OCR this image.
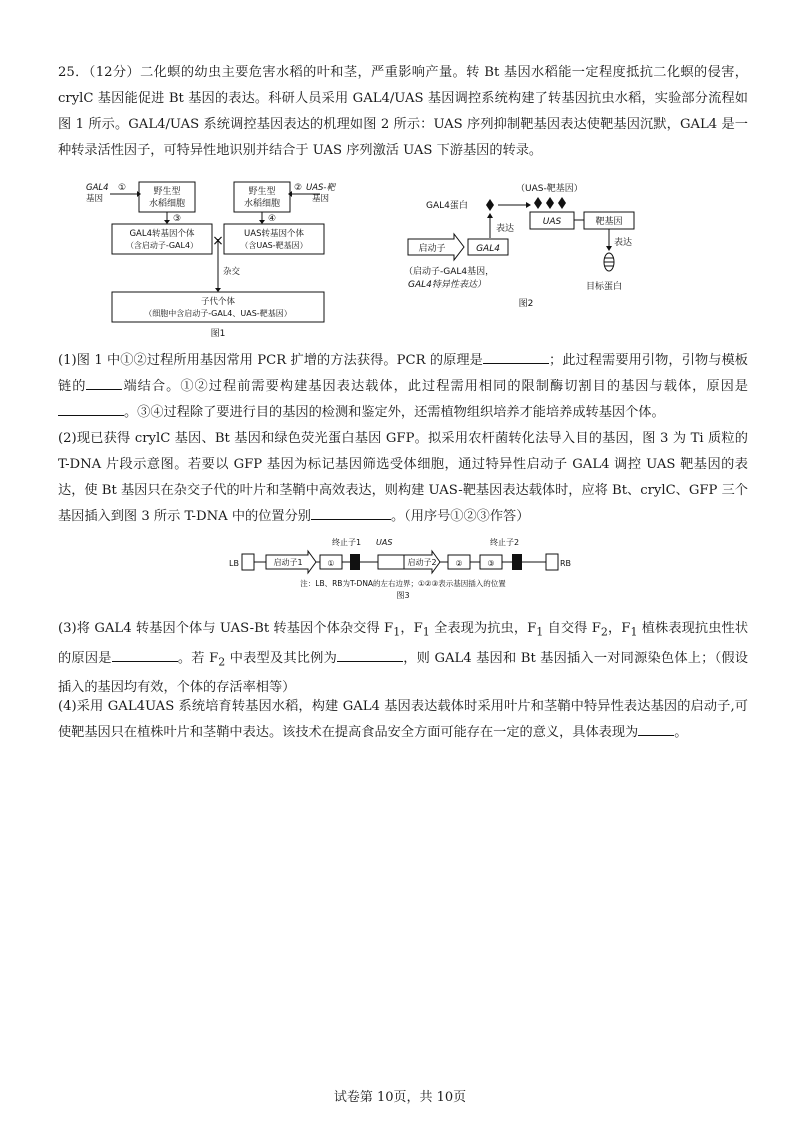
25．（12分）二化螟的幼虫主要危害水稻的叶和茎，严重影响产量。转 Bt 基因水稻能一定程度抵抗二化螟的侵害，crylC 基因能促进 Bt 基因的表达。科研人员采用 GAL4/UAS 基因调控系统构建了转基因抗虫水稻，实验部分流程如图 1 所示。GAL4/UAS 系统调控基因表达的机理如图 2 所示：UAS 序列抑制靶基因表达使靶基因沉默，GAL4 是一种转录活性因子，可特异性地识别并结合于 UAS 序列激活 UAS 下游基因的转录。

GAL4
基因
①	野生型
水稻细胞
野生型
水稻细胞
② UAS-靶
基因
③	④
GAL4转基因个体
（含启动子-GAL4）
UAS转基因个体
（含UAS-靶基因）
×
杂交
子代个体
（细胞中含启动子-GAL4、UAS-靶基因）
图1
（UAS-靶基因）
GAL4蛋白
UAS	靶基因
表达
目标蛋白
表达
启动子	GAL4
（启动子-GAL4基因，
GAL4特异性表达）
图2

(1)图 1 中①②过程所用基因常用 PCR 扩增的方法获得。PCR 的原理是	；此过程需要用引物，引物与模板链的	端结合。①②过程前需要构建基因表达载体，此过程需用相同的限制酶切割目的基因与载体，原因是。③④过程除了要进行目的基因的检测和鉴定外，还需植物组织培养才能培养成转基因个体。

(2)现已获得 crylC 基因、Bt 基因和绿色荧光蛋白基因 GFP。拟采用农杆菌转化法导入目的基因，图 3 为 Ti 质粒的 T-DNA 片段示意图。若要以 GFP 基因为标记基因筛选受体细胞，通过特异性启动子 GAL4 调控 UAS 靶基因的表达，使 Bt 基因只在杂交子代的叶片和茎鞘中高效表达，则构建 UAS-靶基因表达载体时，应将 Bt、crylC、GFP 三个基因插入到图 3 所示 T-DNA 中的位置分别	。（用序号①②③作答）

终止子1 UAS	终止子2
LB	启动子1	①	启动子2 ②	③	RB
注：LB、RB为T-DNA的左右边界；①②③表示基因插入的位置
图3

(3)将 GAL4 转基因个体与 UAS-Bt 转基因个体杂交得 $F_1$，$F_1$ 全表现为抗虫，$F_1$ 自交得 $F_2$，$F_1$ 植株表现抗虫性状的原因是	。若 $F_2$ 中表型及其比例为	，则 GAL4 基因和 Bt 基因插入一对同源染色体上；（假设插入的基因均有效，个体的存活率相等）

(4)采用 GAL4UAS 系统培育转基因水稻，构建 GAL4 基因表达载体时采用叶片和茎鞘中特异性表达基因的启动子,可使靶基因只在植株叶片和茎鞘中表达。该技术在提高食品安全方面可能存在一定的意义，具体表现为	。

试卷第 10页，共 10页
